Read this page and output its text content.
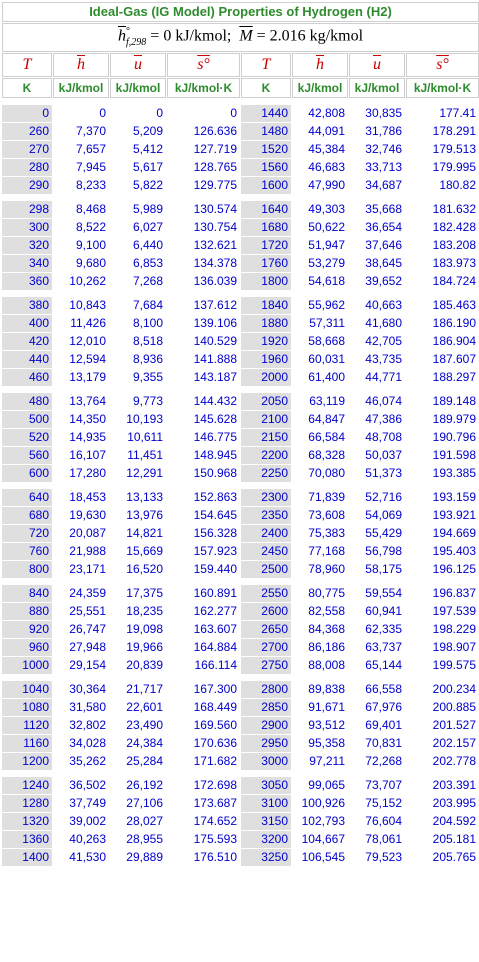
Ideal-Gas (IG Model) Properties of Hydrogen (H2)							
$\overline{h}^\circ_{f,298} = 0$ kJ/kmol; $\overline{M} = 2.016$ kg/kmol							
T	$\overline{h}$	$\overline{u}$	s°	T	$\overline{h}$	$\overline{u}$	s°
K	kJ/kmol	kJ/kmol	kJ/kmol·K	K	kJ/kmol	kJ/kmol	kJ/kmol·K

0	0	0	0	1440	42,808	30,835	177.41
260	7,370	5,209	126.636	1480	44,091	31,786	178.291
270	7,657	5,412	127.719	1520	45,384	32,746	179.513
280	7,945	5,617	128.765	1560	46,683	33,713	179.995
290	8,233	5,822	129.775	1600	47,990	34,687	180.82

298	8,468	5,989	130.574	1640	49,303	35,668	181.632
300	8,522	6,027	130.754	1680	50,622	36,654	182.428
320	9,100	6,440	132.621	1720	51,947	37,646	183.208
340	9,680	6,853	134.378	1760	53,279	38,645	183.973
360	10,262	7,268	136.039	1800	54,618	39,652	184.724

380	10,843	7,684	137.612	1840	55,962	40,663	185.463
400	11,426	8,100	139.106	1880	57,311	41,680	186.190
420	12,010	8,518	140.529	1920	58,668	42,705	186.904
440	12,594	8,936	141.888	1960	60,031	43,735	187.607
460	13,179	9,355	143.187	2000	61,400	44,771	188.297

480	13,764	9,773	144.432	2050	63,119	46,074	189.148
500	14,350	10,193	145.628	2100	64,847	47,386	189.979
520	14,935	10,611	146.775	2150	66,584	48,708	190.796
560	16,107	11,451	148.945	2200	68,328	50,037	191.598
600	17,280	12,291	150.968	2250	70,080	51,373	193.385

640	18,453	13,133	152.863	2300	71,839	52,716	193.159
680	19,630	13,976	154.645	2350	73,608	54,069	193.921
720	20,087	14,821	156.328	2400	75,383	55,429	194.669
760	21,988	15,669	157.923	2450	77,168	56,798	195.403
800	23,171	16,520	159.440	2500	78,960	58,175	196.125

840	24,359	17,375	160.891	2550	80,775	59,554	196.837
880	25,551	18,235	162.277	2600	82,558	60,941	197.539
920	26,747	19,098	163.607	2650	84,368	62,335	198.229
960	27,948	19,966	164.884	2700	86,186	63,737	198.907
1000	29,154	20,839	166.114	2750	88,008	65,144	199.575

1040	30,364	21,717	167.300	2800	89,838	66,558	200.234
1080	31,580	22,601	168.449	2850	91,671	67,976	200.885
1120	32,802	23,490	169.560	2900	93,512	69,401	201.527
1160	34,028	24,384	170.636	2950	95,358	70,831	202.157
1200	35,262	25,284	171.682	3000	97,211	72,268	202.778

1240	36,502	26,192	172.698	3050	99,065	73,707	203.391
1280	37,749	27,106	173.687	3100	100,926	75,152	203.995
1320	39,002	28,027	174.652	3150	102,793	76,604	204.592
1360	40,263	28,955	175.593	3200	104,667	78,061	205.181
1400	41,530	29,889	176.510	3250	106,545	79,523	205.765
